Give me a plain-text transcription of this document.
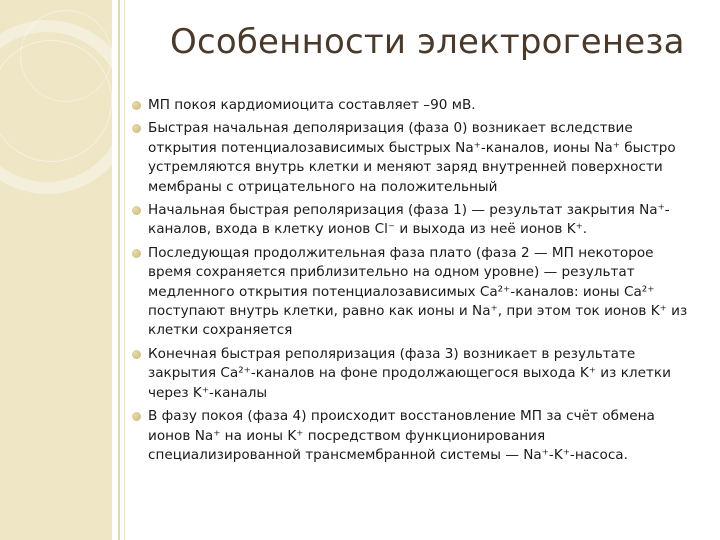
Особенности электрогенеза
МП покоя кардиомиоцита составляет –90 мВ.
Быстрая начальная деполяризация (фаза 0) возникает вследствие открытия потенциалозависимых быстрых Na⁺-каналов, ионы Na⁺ быстро устремляются внутрь клетки и меняют заряд внутренней поверхности мембраны с отрицательного на положительный
Начальная быстрая реполяризация (фаза 1) — результат закрытия Na⁺-каналов, входа в клетку ионов Cl⁻ и выхода из неё ионов K⁺.
Последующая продолжительная фаза плато (фаза 2 — МП некоторое время сохраняется приблизительно на одном уровне) — результат медленного открытия потенциалозависимых Ca²⁺-каналов: ионы Ca²⁺ поступают внутрь клетки, равно как ионы и Na⁺, при этом ток ионов K⁺ из клетки сохраняется
Конечная быстрая реполяризация (фаза 3) возникает в результате закрытия Ca²⁺-каналов на фоне продолжающегося выхода K⁺ из клетки через K⁺-каналы
В фазу покоя (фаза 4) происходит восстановление МП за счёт обмена ионов Na⁺ на ионы K⁺ посредством функционирования специализированной трансмембранной системы — Na⁺-K⁺-насоса.
